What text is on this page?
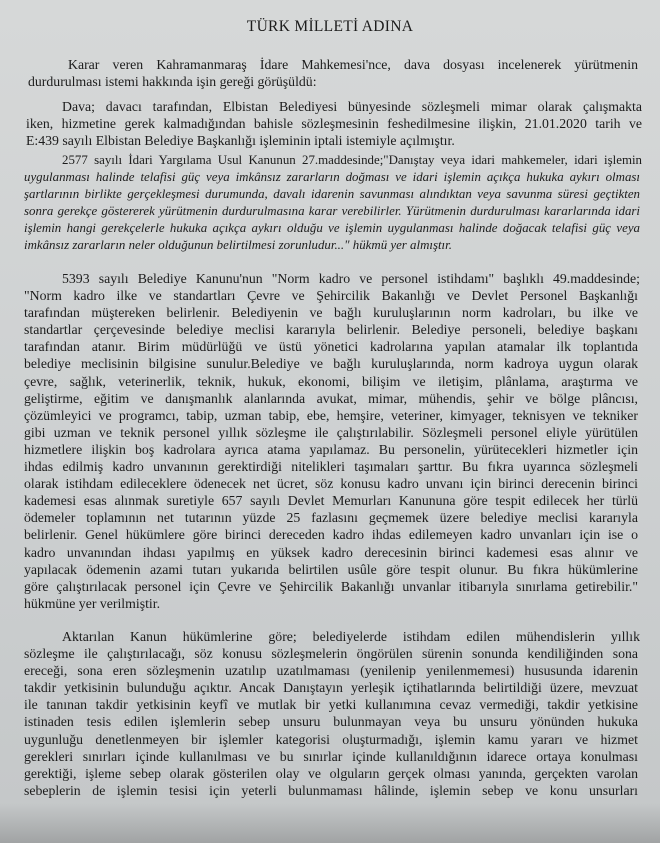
TÜRK MİLLETİ ADINA
Karar veren Kahramanmaraş İdare Mahkemesi'nce, dava dosyası incelenerek yürütmenin
durdurulması istemi hakkında işin gereği görüşüldü:
Dava; davacı tarafından, Elbistan Belediyesi bünyesinde sözleşmeli mimar olarak çalışmakta
iken, hizmetine gerek kalmadığından bahisle sözleşmesinin feshedilmesine ilişkin, 21.01.2020 tarih ve
E:439 sayılı Elbistan Belediye Başkanlığı işleminin iptali istemiyle açılmıştır.
2577 sayılı İdari Yargılama Usul Kanunun 27.maddesinde;"Danıştay veya idari mahkemeler, idari işlemin
uygulanması halinde telafisi güç veya imkânsız zararların doğması ve idari işlemin açıkça hukuka aykırı olması
şartlarının birlikte gerçekleşmesi durumunda, davalı idarenin savunması alındıktan veya savunma süresi geçtikten
sonra gerekçe göstererek yürütmenin durdurulmasına karar verebilirler. Yürütmenin durdurulması kararlarında idari
işlemin hangi gerekçelerle hukuka açıkça aykırı olduğu ve işlemin uygulanması halinde doğacak telafisi güç veya
imkânsız zararların neler olduğunun belirtilmesi zorunludur..." hükmü yer almıştır.
5393 sayılı Belediye Kanunu'nun "Norm kadro ve personel istihdamı" başlıklı 49.maddesinde;
"Norm kadro ilke ve standartları Çevre ve Şehircilik Bakanlığı ve Devlet Personel Başkanlığı
tarafından müştereken belirlenir. Belediyenin ve bağlı kuruluşlarının norm kadroları, bu ilke ve
standartlar çerçevesinde belediye meclisi kararıyla belirlenir. Belediye personeli, belediye başkanı
tarafından atanır. Birim müdürlüğü ve üstü yönetici kadrolarına yapılan atamalar ilk toplantıda
belediye meclisinin bilgisine sunulur.Belediye ve bağlı kuruluşlarında, norm kadroya uygun olarak
çevre, sağlık, veterinerlik, teknik, hukuk, ekonomi, bilişim ve iletişim, plânlama, araştırma ve
geliştirme, eğitim ve danışmanlık alanlarında avukat, mimar, mühendis, şehir ve bölge plâncısı,
çözümleyici ve programcı, tabip, uzman tabip, ebe, hemşire, veteriner, kimyager, teknisyen ve tekniker
gibi uzman ve teknik personel yıllık sözleşme ile çalıştırılabilir. Sözleşmeli personel eliyle yürütülen
hizmetlere ilişkin boş kadrolara ayrıca atama yapılamaz. Bu personelin, yürütecekleri hizmetler için
ihdas edilmiş kadro unvanının gerektirdiği nitelikleri taşımaları şarttır. Bu fıkra uyarınca sözleşmeli
olarak istihdam edileceklere ödenecek net ücret, söz konusu kadro unvanı için birinci derecenin birinci
kademesi esas alınmak suretiyle 657 sayılı Devlet Memurları Kanununa göre tespit edilecek her türlü
ödemeler toplamının net tutarının yüzde 25 fazlasını geçmemek üzere belediye meclisi kararıyla
belirlenir. Genel hükümlere göre birinci dereceden kadro ihdas edilemeyen kadro unvanları için ise o
kadro unvanından ihdası yapılmış en yüksek kadro derecesinin birinci kademesi esas alınır ve
yapılacak ödemenin azami tutarı yukarıda belirtilen usûle göre tespit olunur. Bu fıkra hükümlerine
göre çalıştırılacak personel için Çevre ve Şehircilik Bakanlığı unvanlar itibarıyla sınırlama getirebilir."
hükmüne yer verilmiştir.
Aktarılan Kanun hükümlerine göre; belediyelerde istihdam edilen mühendislerin yıllık
sözleşme ile çalıştırılacağı, söz konusu sözleşmelerin öngörülen sürenin sonunda kendiliğinden sona
ereceği, sona eren sözleşmenin uzatılıp uzatılmaması (yenilenip yenilenmemesi) hususunda idarenin
takdir yetkisinin bulunduğu açıktır. Ancak Danıştayın yerleşik içtihatlarında belirtildiği üzere, mevzuat
ile tanınan takdir yetkisinin keyfî ve mutlak bir yetki kullanımına cevaz vermediği, takdir yetkisine
istinaden tesis edilen işlemlerin sebep unsuru bulunmayan veya bu unsuru yönünden hukuka
uygunluğu denetlenmeyen bir işlemler kategorisi oluşturmadığı, işlemin kamu yararı ve hizmet
gerekleri sınırları içinde kullanılması ve bu sınırlar içinde kullanıldığının idarece ortaya konulması
gerektiği, işleme sebep olarak gösterilen olay ve olguların gerçek olması yanında, gerçekten varolan
sebeplerin de işlemin tesisi için yeterli bulunmaması hâlinde, işlemin sebep ve konu unsurları
